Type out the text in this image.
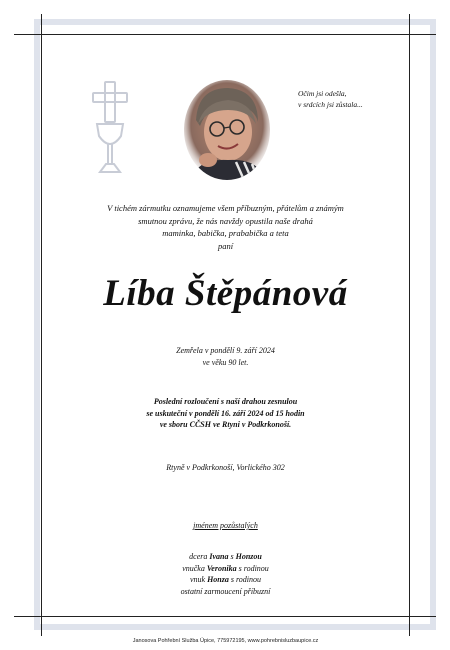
Očim jsi odešla,
v srdcích jsi zůstala...
V tichém zármutku oznamujeme všem příbuzným, přátelům a známým
smutnou zprávu, že nás navždy opustila naše drahá
maminka, babička, prababička a teta
paní
Líba Štěpánová
Zemřela v pondělí 9. září 2024
ve věku 90 let.
Poslední rozloučení s naší drahou zesnulou
se uskuteční v pondělí 16. září 2024 od 15 hodin
ve sboru CČSH ve Rtyni v Podkrkonoší.
Rtyně v Podkrkonoší, Vorlického 302
jménem pozůstalých
dcera Ivana s Honzou
vnučka Veronika s rodinou
vnuk Honza s rodinou
ostatní zarmoucení příbuzní
Janosova Pohřební Služba Úpice, 775972195, www.pohrebnisluzbaupice.cz
